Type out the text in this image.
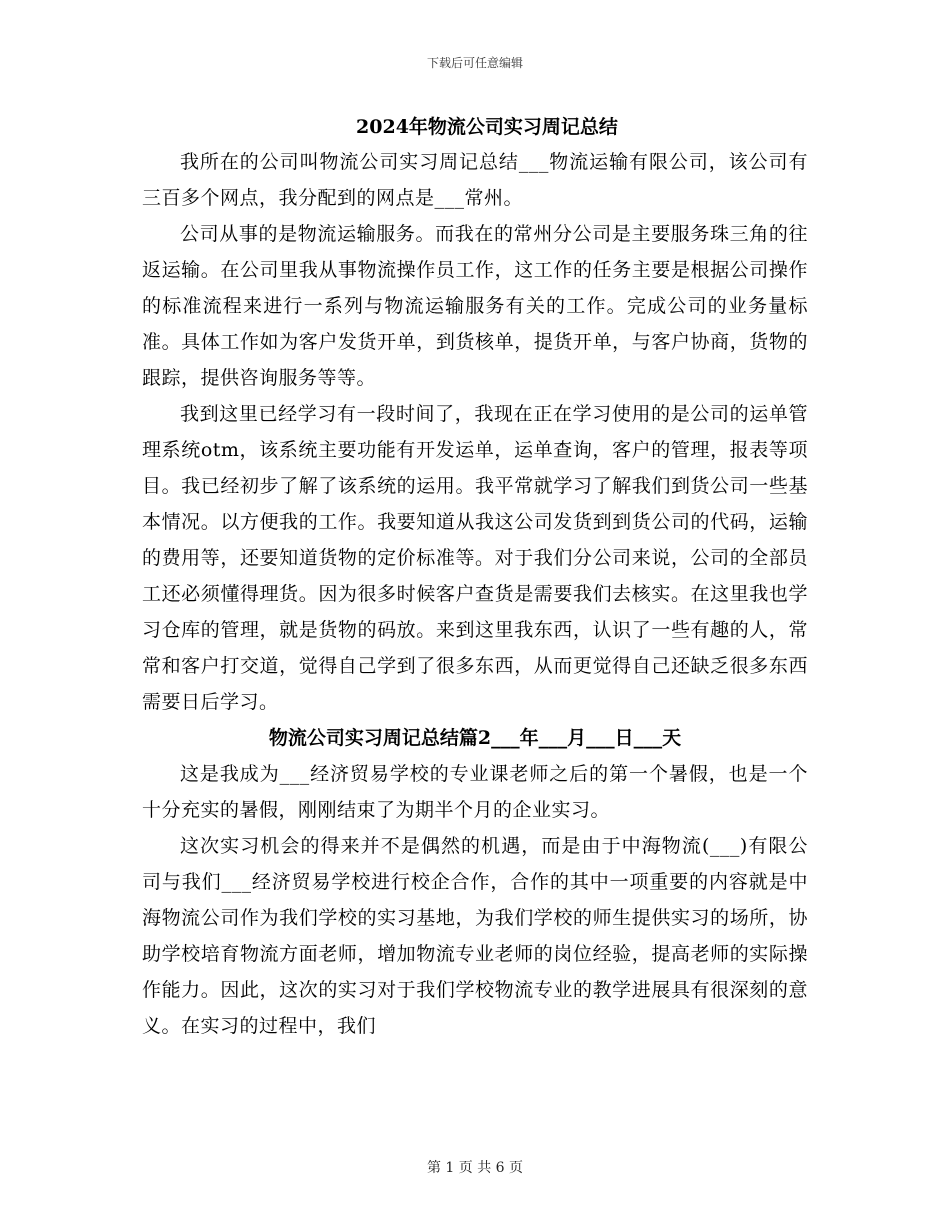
下载后可任意编辑
2024年物流公司实习周记总结

我所在的公司叫物流公司实习周记总结___物流运输有限公司，该公司有三百多个网点，我分配到的网点是___常州。

公司从事的是物流运输服务。而我在的常州分公司是主要服务珠三角的往返运输。在公司里我从事物流操作员工作，这工作的任务主要是根据公司操作的标准流程来进行一系列与物流运输服务有关的工作。完成公司的业务量标准。具体工作如为客户发货开单，到货核单，提货开单，与客户协商，货物的跟踪，提供咨询服务等等。

我到这里已经学习有一段时间了，我现在正在学习使用的是公司的运单管理系统otm，该系统主要功能有开发运单，运单查询，客户的管理，报表等项目。我已经初步了解了该系统的运用。我平常就学习了解我们到货公司一些基本情况。以方便我的工作。我要知道从我这公司发货到到货公司的代码，运输的费用等，还要知道货物的定价标准等。对于我们分公司来说，公司的全部员工还必须懂得理货。因为很多时候客户查货是需要我们去核实。在这里我也学习仓库的管理，就是货物的码放。来到这里我东西，认识了一些有趣的人，常常和客户打交道，觉得自己学到了很多东西，从而更觉得自己还缺乏很多东西需要日后学习。

物流公司实习周记总结篇2___年___月___日___天

这是我成为___经济贸易学校的专业课老师之后的第一个暑假，也是一个十分充实的暑假，刚刚结束了为期半个月的企业实习。

这次实习机会的得来并不是偶然的机遇，而是由于中海物流(___)有限公司与我们___经济贸易学校进行校企合作，合作的其中一项重要的内容就是中海物流公司作为我们学校的实习基地，为我们学校的师生提供实习的场所，协助学校培育物流方面老师，增加物流专业老师的岗位经验，提高老师的实际操作能力。因此，这次的实习对于我们学校物流专业的教学进展具有很深刻的意义。在实习的过程中，我们

第 1 页 共 6 页
